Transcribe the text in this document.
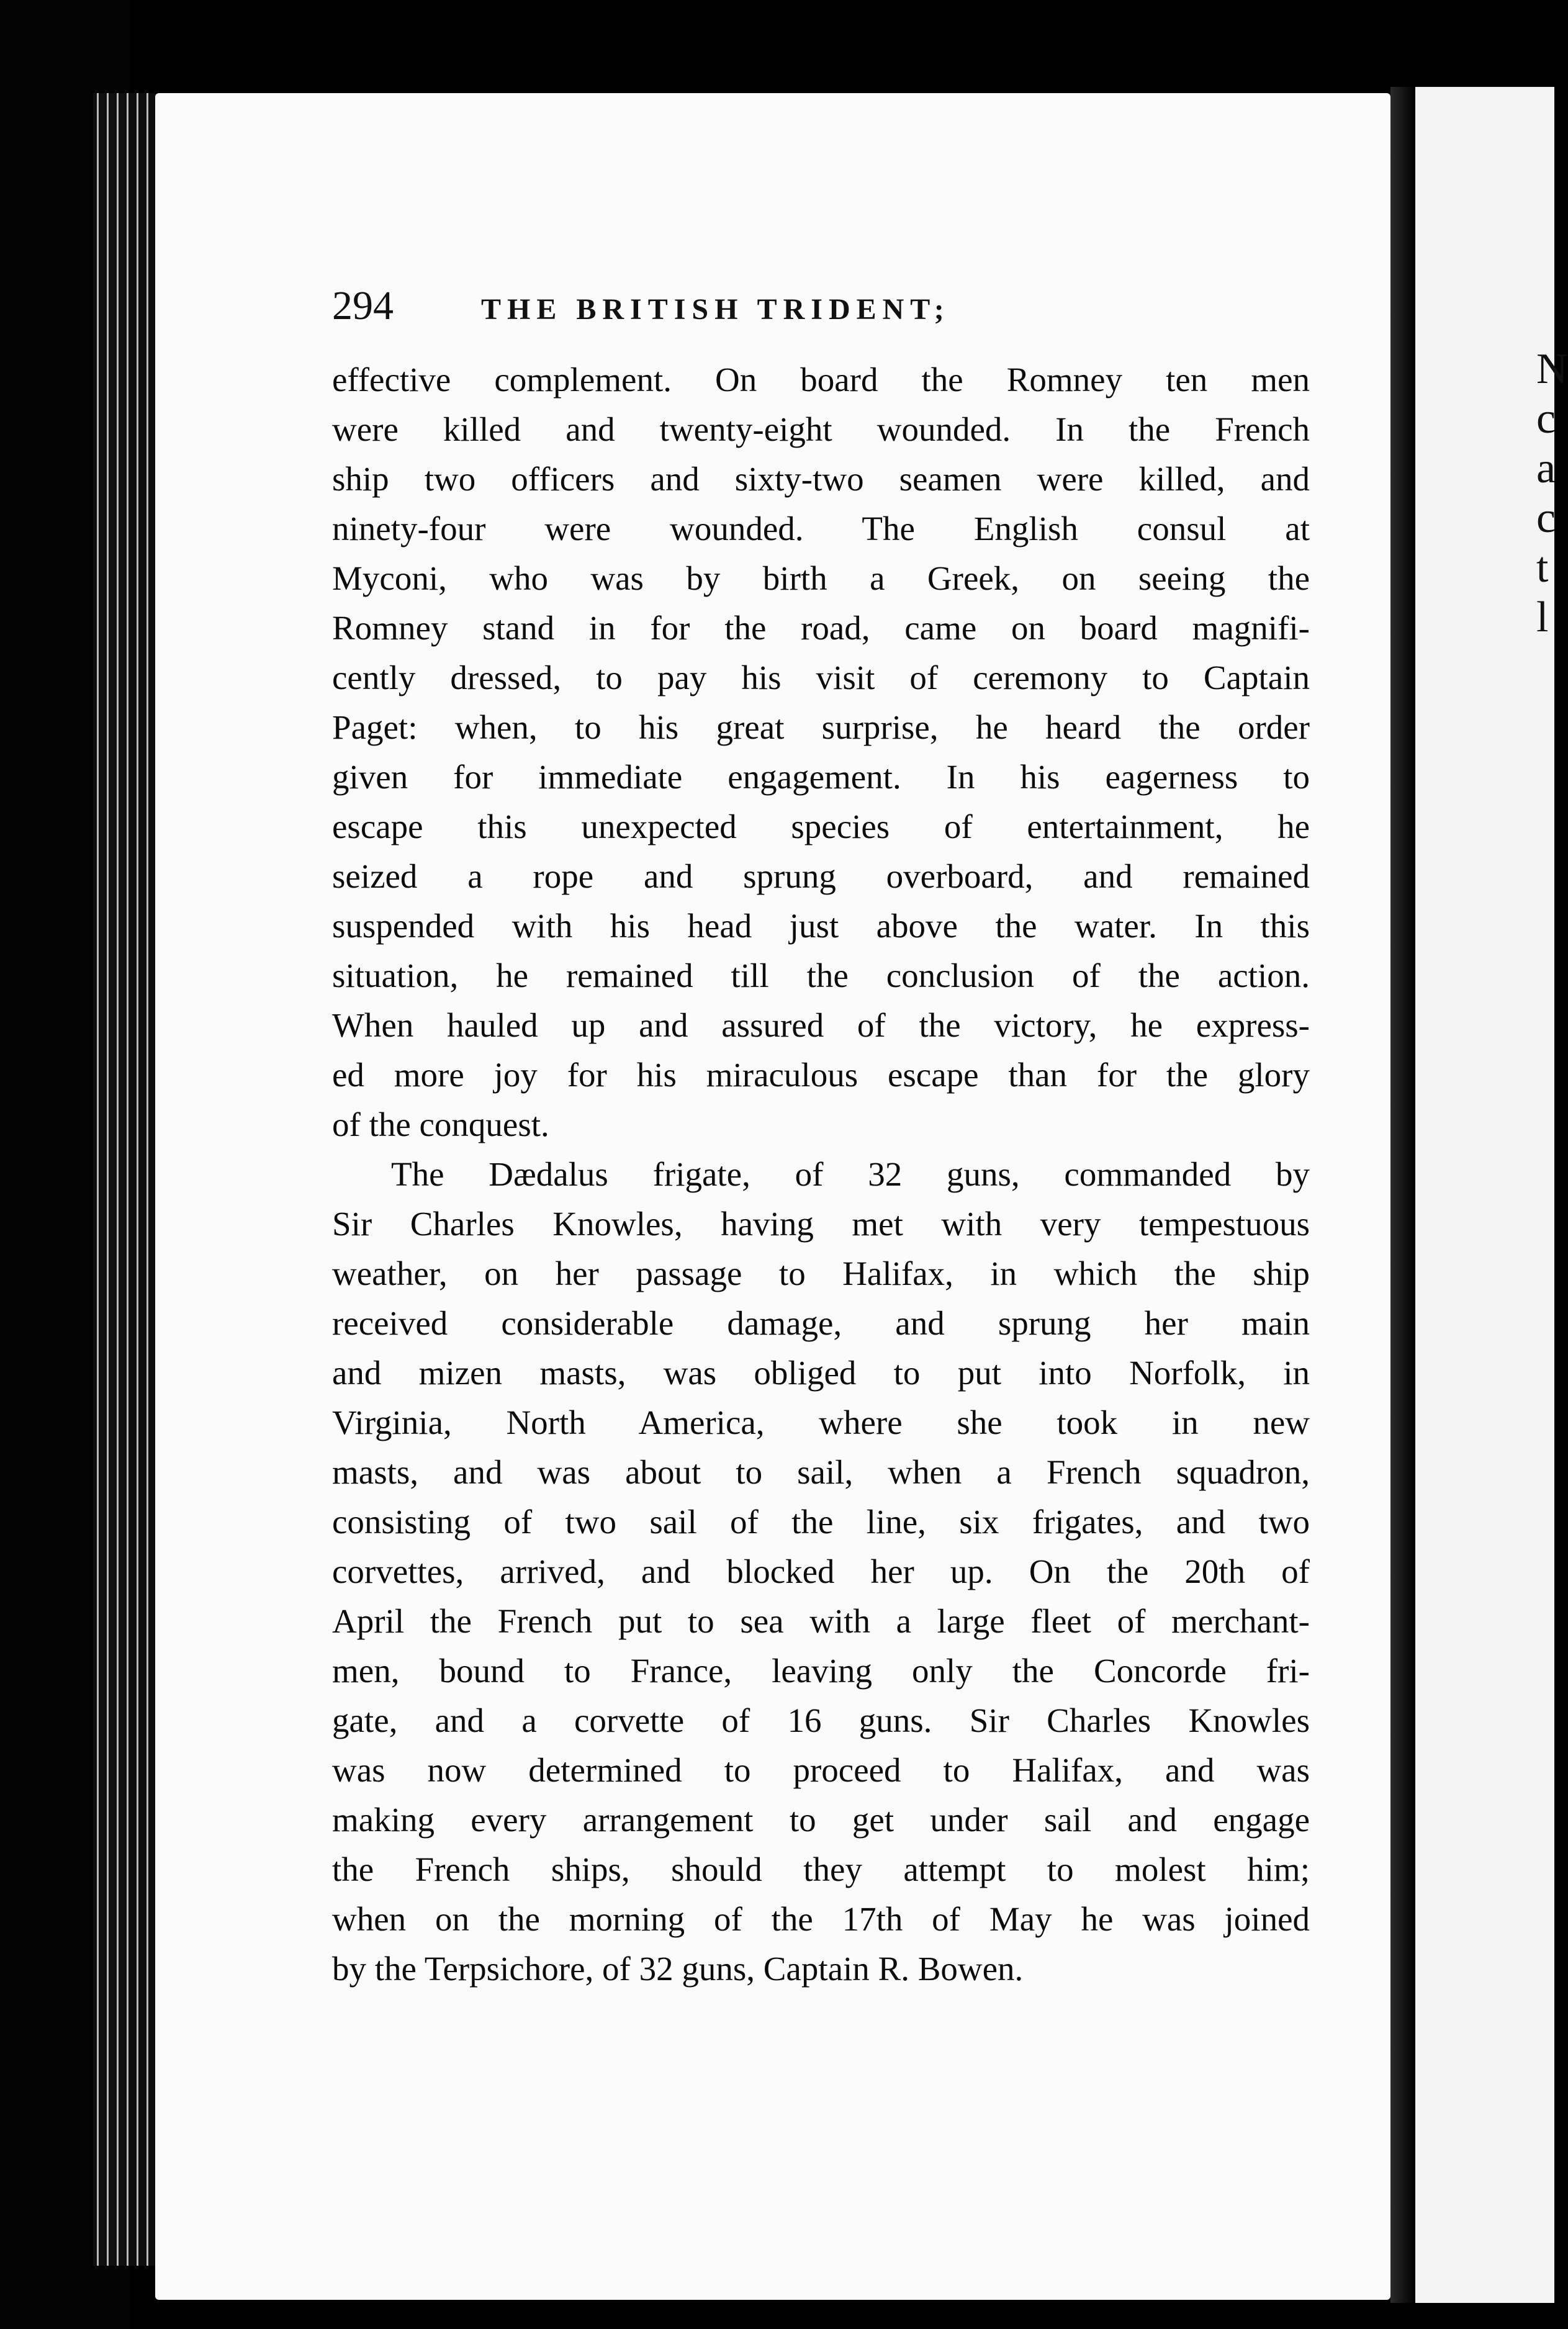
N
c
a
c
t
l
294	THE BRITISH TRIDENT;
effective complement. On board the Romney ten men
were killed and twenty-eight wounded. In the French
ship two officers and sixty-two seamen were killed, and
ninety-four were wounded. The English consul at
Myconi, who was by birth a Greek, on seeing the
Romney stand in for the road, came on board magnifi-
cently dressed, to pay his visit of ceremony to Captain
Paget: when, to his great surprise, he heard the order
given for immediate engagement. In his eagerness to
escape this unexpected species of entertainment, he
seized a rope and sprung overboard, and remained
suspended with his head just above the water. In this
situation, he remained till the conclusion of the action.
When hauled up and assured of the victory, he express-
ed more joy for his miraculous escape than for the glory
of the conquest.
The Dædalus frigate, of 32 guns, commanded by
Sir Charles Knowles, having met with very tempestuous
weather, on her passage to Halifax, in which the ship
received considerable damage, and sprung her main
and mizen masts, was obliged to put into Norfolk, in
Virginia, North America, where she took in new
masts, and was about to sail, when a French squadron,
consisting of two sail of the line, six frigates, and two
corvettes, arrived, and blocked her up. On the 20th of
April the French put to sea with a large fleet of merchant-
men, bound to France, leaving only the Concorde fri-
gate, and a corvette of 16 guns. Sir Charles Knowles
was now determined to proceed to Halifax, and was
making every arrangement to get under sail and engage
the French ships, should they attempt to molest him;
when on the morning of the 17th of May he was joined
by the Terpsichore, of 32 guns, Captain R. Bowen.
